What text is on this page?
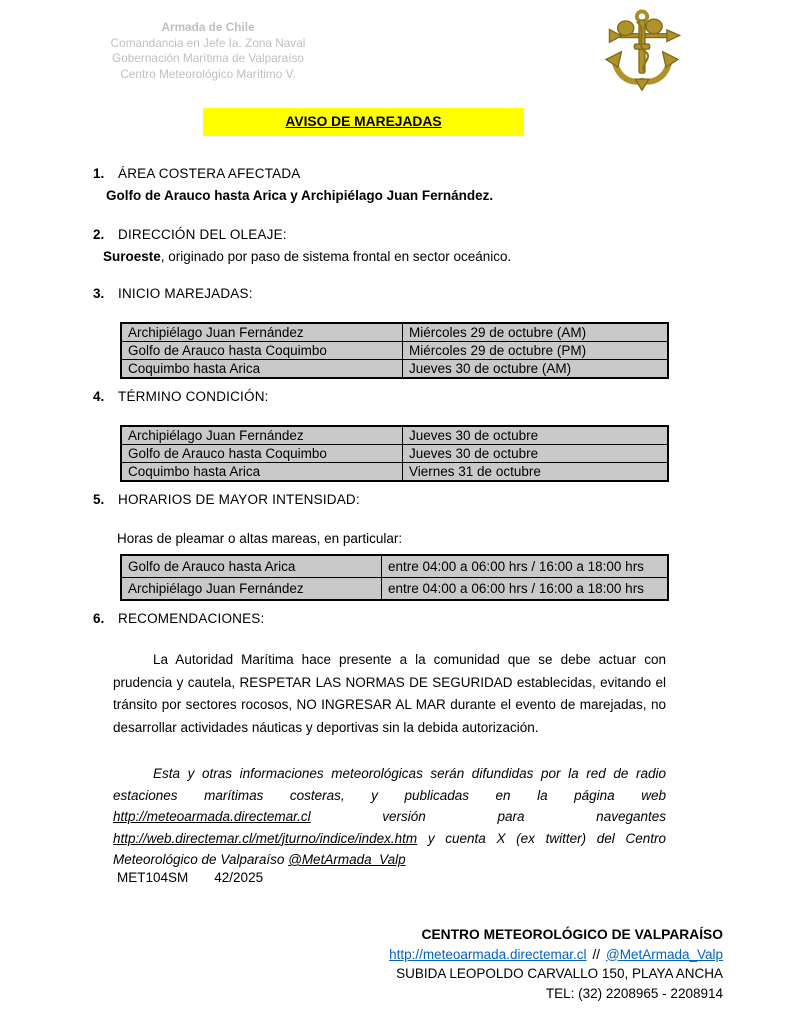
Armada de Chile
Comandancia en Jefe Ia. Zona Naval
Gobernación Marítima de Valparaíso
Centro Meteorológico Marítimo V.
AVISO DE MAREJADAS
1.	ÁREA COSTERA AFECTADA
Golfo de Arauco hasta Arica y Archipiélago Juan Fernández.
2.	DIRECCIÓN DEL OLEAJE:
Suroeste, originado por paso de sistema frontal en sector oceánico.
3.	INICIO MAREJADAS:
Archipiélago Juan Fernández	Miércoles 29 de octubre (AM)
Golfo de Arauco hasta Coquimbo	Miércoles 29 de octubre (PM)
Coquimbo hasta Arica	Jueves 30 de octubre (AM)
4.	TÉRMINO CONDICIÓN:
Archipiélago Juan Fernández	Jueves 30 de octubre
Golfo de Arauco hasta Coquimbo	Jueves 30 de octubre
Coquimbo hasta Arica	Viernes 31 de octubre
5.	HORARIOS DE MAYOR INTENSIDAD:
Horas de pleamar o altas mareas, en particular:
Golfo de Arauco hasta Arica	entre 04:00 a 06:00 hrs / 16:00 a 18:00 hrs
Archipiélago Juan Fernández	entre 04:00 a 06:00 hrs / 16:00 a 18:00 hrs
6.	RECOMENDACIONES:
La Autoridad Marítima hace presente a la comunidad que se debe actuar con prudencia y cautela, RESPETAR LAS NORMAS DE SEGURIDAD establecidas, evitando el tránsito por sectores rocosos, NO INGRESAR AL MAR durante el evento de marejadas, no desarrollar actividades náuticas y deportivas sin la debida autorización.
Esta y otras informaciones meteorológicas serán difundidas por la red de radio estaciones marítimas costeras, y publicadas en la página web http://meteoarmada.directemar.cl versión para navegantes http://web.directemar.cl/met/jturno/indice/index.htm y cuenta X (ex twitter) del Centro Meteorológico de Valparaíso @MetArmada_Valp
MET104SM 42/2025
CENTRO METEOROLÓGICO DE VALPARAÍSO
http://meteoarmada.directemar.cl // @MetArmada_Valp
SUBIDA LEOPOLDO CARVALLO 150, PLAYA ANCHA
TEL: (32) 2208965 - 2208914
